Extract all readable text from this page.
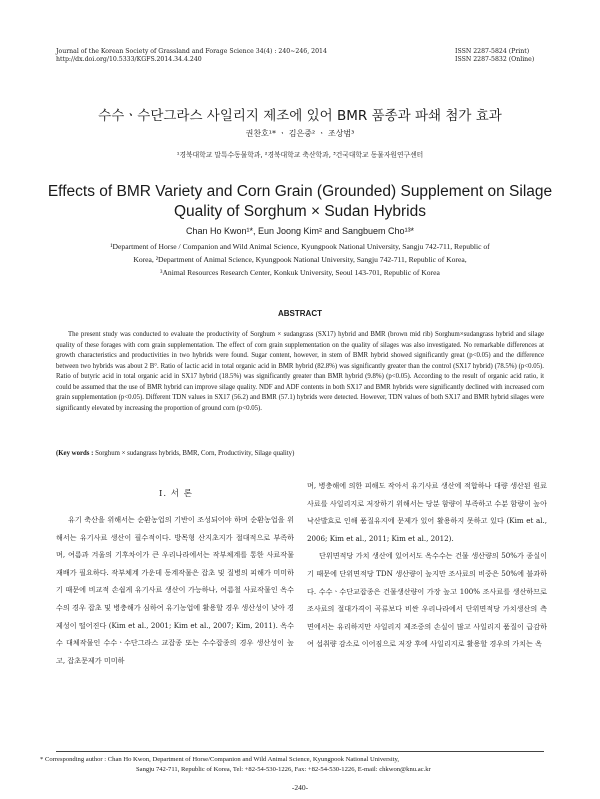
Journal of the Korean Society of Grassland and Forage Science 34(4) : 240~246, 2014
http://dx.doi.org/10.5333/KGFS.2014.34.4.240
ISSN 2287-5824 (Print)
ISSN 2287-5832 (Online)
수수ㆍ수단그라스 사일리지 제조에 있어 BMR 품종과 파쇄 첨가 효과
권찬호¹* ㆍ 김은중² ㆍ 조상범³
¹경북대학교 말특수동물학과, ²경북대학교 축산학과, ³건국대학교 동물자원연구센터
Effects of BMR Variety and Corn Grain (Grounded) Supplement on Silage
Quality of Sorghum × Sudan Hybrids
Chan Ho Kwon¹*, Eun Joong Kim² and Sangbuem Cho¹³*
¹Department of Horse / Companion and Wild Animal Science, Kyungpook National University, Sangju 742-711, Republic of
Korea, ²Department of Animal Science, Kyungpook National University, Sangju 742-711, Republic of Korea,
³Animal Resources Research Center, Konkuk University, Seoul 143-701, Republic of Korea
ABSTRACT
The present study was conducted to evaluate the productivity of Sorghum × sudangrass (SX17) hybrid and BMR (brown mid rib) Sorghum×sudangrass hybrid and silage quality of these forages with corn grain supplementation. The effect of corn grain supplementation on the quality of silages was also investigated. No remarkable differences at growth characteristics and productivities in two hybrids were found. Sugar content, however, in stem of BMR hybrid showed significantly great (p<0.05) and the difference between two hybrids was about 2 B°. Ratio of lactic acid in total organic acid in BMR hybrid (82.8%) was significantly greater than the control (SX17 hybrid) (78.5%) (p<0.05). Ratio of butyric acid in total organic acid in SX17 hybrid (18.5%) was significantly greater than BMR hybrid (9.8%) (p<0.05). According to the result of organic acid ratio, it could be assumed that the use of BMR hybrid can improve silage quality. NDF and ADF contents in both SX17 and BMR hybrids were significantly declined with increased corn grain supplementation (p<0.05). Different TDN values in SX17 (56.2) and BMR (57.1) hybrids were detected. However, TDN values of both SX17 and BMR hybrid silages were significantly elevated by increasing the proportion of ground corn (p<0.05).
(Key words : Sorghum × sudangrass hybrids, BMR, Corn, Productivity, Silage quality)
Ⅰ. 서 론
유기 축산을 위해서는 순환농업의 기반이 조성되어야 하며 순환농업을 위해서는 유기사료 생산이 필수적이다. 방목형 산지초지가 절대적으로 부족하며, 여름과 겨울의 기후차이가 큰 우리나라에서는 작부체계를 통한 사료작물재배가 필요하다. 작부체계 가운데 동계작물은 잡초 및 질병의 피해가 미미하기 때문에 비교적 손쉽게 유기사료 생산이 가능하나, 여름철 사료작물인 옥수수의 경우 잡초 및 병충해가 심하여 유기농업에 활용할 경우 생산성이 낮아 경제성이 떨어진다 (Kim et al., 2001; Kim et al., 2007; Kim, 2011). 옥수수 대체작물인 수수ㆍ수단그라스 교잡종 또는 수수잡종의 경우 생산성이 높고, 잡초문제가 미미하

며, 병충해에 의한 피해도 작아서 유기사료 생산에 적합하나 대량 생산된 원료사료를 사일리지로 저장하기 위해서는 당분 함량이 부족하고 수분 함량이 높아 낙산발효로 인해 품질유지에 문제가 있어 활용하지 못하고 있다 (Kim et al., 2006; Kim et al., 2011; Kim et al., 2012).

단위면적당 가치 생산에 있어서도 옥수수는 건물 생산량의 50%가 종실이기 때문에 단위면적당 TDN 생산량이 높지만 조사료의 비중은 50%에 불과하다. 수수ㆍ수단교잡종은 건물생산량이 가장 높고 100% 조사료를 생산하므로 조사료의 절대가격이 곡류보다 비싼 우리나라에서 단위면적당 가치생산의 측면에서는 유리하지만 사일리지 제조중의 손실이 많고 사일리지 품질이 급감하여 섭취량 감소로 이어짐으로 저장 후에 사일리지로 활용할 경우의 가치는 옥

* Corresponding author : Chan Ho Kwon, Department of Horse/Companion and Wild Animal Science, Kyungpook National University,
Sangju 742-711, Republic of Korea, Tel: +82-54-530-1226, Fax: +82-54-530-1226, E-mail: chkwon@knu.ac.kr
-240-
